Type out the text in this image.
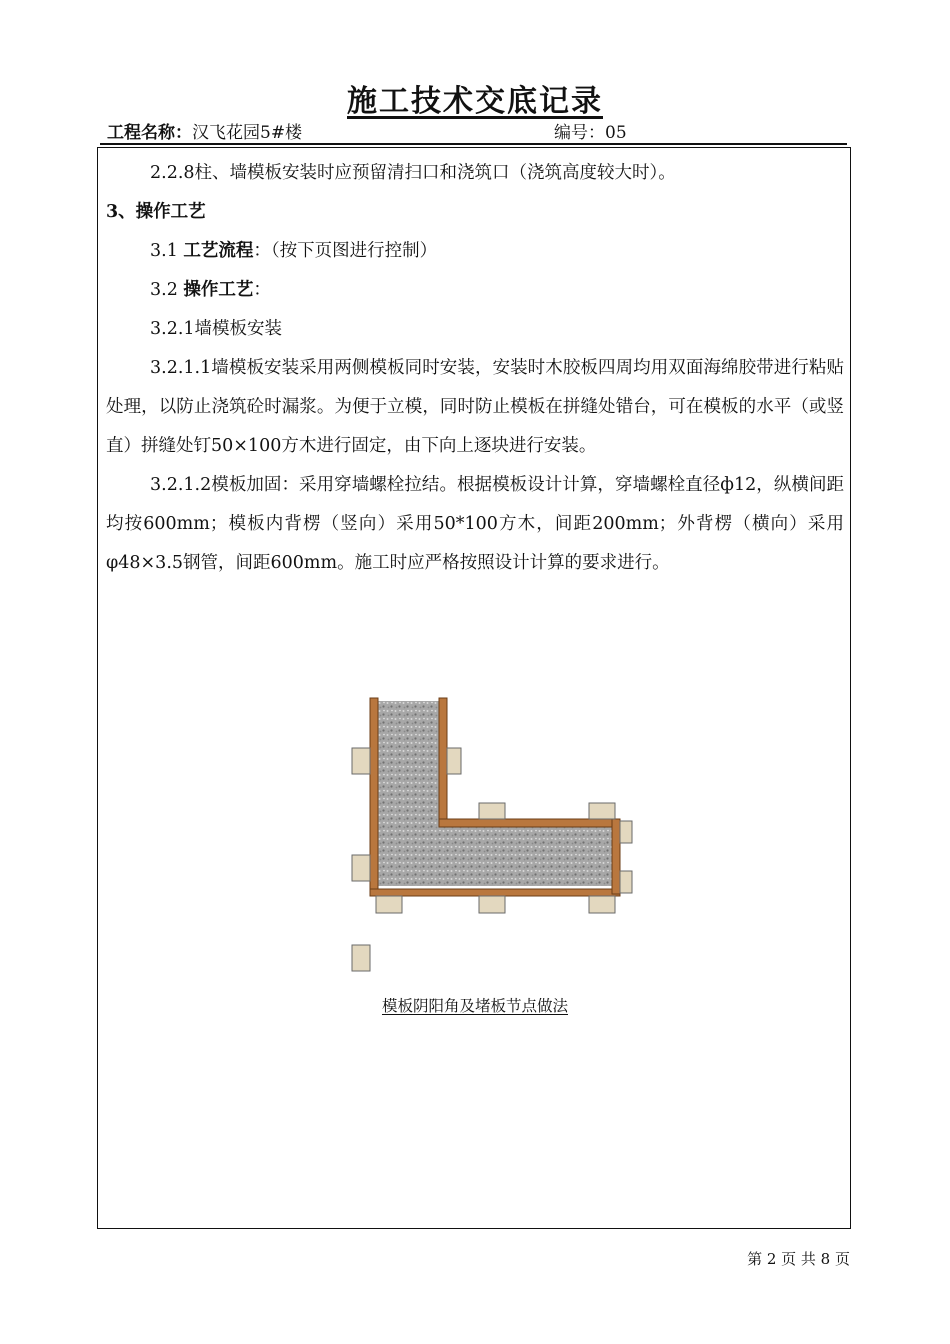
施工技术交底记录
工程名称：汉飞花园5#楼	编号：05

2.2.8柱、墙模板安装时应预留清扫口和浇筑口（浇筑高度较大时）。

3、操作工艺

3.1 工艺流程：（按下页图进行控制）

3.2 操作工艺：

3.2.1墙模板安装

3.2.1.1墙模板安装采用两侧模板同时安装，安装时木胶板四周均用双面海绵胶带进行粘贴处理，以防止浇筑砼时漏浆。为便于立模，同时防止模板在拼缝处错台，可在模板的水平（或竖直）拼缝处钉50×100方木进行固定，由下向上逐块进行安装。

3.2.1.2模板加固：采用穿墙螺栓拉结。根据模板设计计算，穿墙螺栓直径ф12，纵横间距均按600mm；模板内背楞（竖向）采用50*100方木，间距200mm；外背楞（横向）采用φ48×3.5钢管，间距600mm。施工时应严格按照设计计算的要求进行。

模板阴阳角及堵板节点做法
第 2 页 共 8 页
